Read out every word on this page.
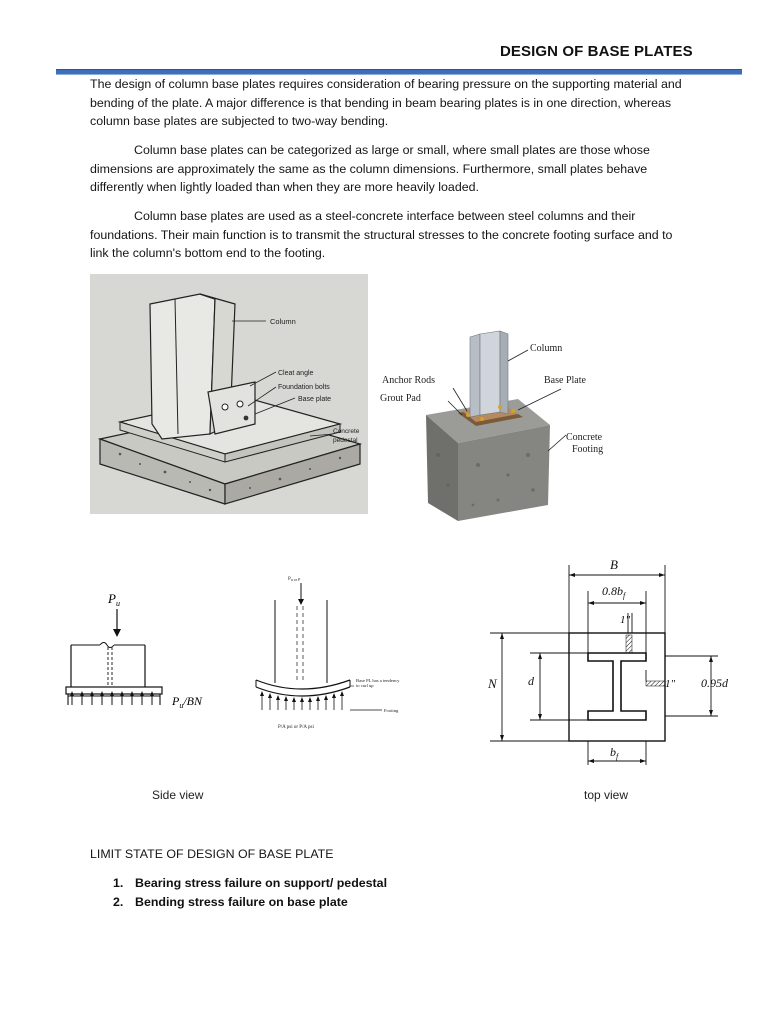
DESIGN OF BASE PLATES
The design of column base plates requires consideration of bearing pressure on the supporting material and bending of the plate. A major difference is that bending in beam bearing plates is in one direction, whereas column base plates are subjected to two-way bending.
Column base plates can be categorized as large or small, where small plates are those whose dimensions are approximately the same as the column dimensions. Furthermore, small plates behave differently when lightly loaded than when they are more heavily loaded.
Column base plates are used as a steel-concrete interface between steel columns and their foundations. Their main function is to transmit the structural stresses to the concrete footing surface and to link the column's bottom end to the footing.
Column
Cleat angle
Foundation bolts
Base plate
Concrete
pedestal
Column
Anchor Rods
Grout Pad
Base Plate
Concrete
Footing
$P_u$
$P_u/BN$
$P_{u or P}$
Base PL has a tendency
to curl up
Footing
P/A psi or P/A psi
B
$0.8b_f$
1"
N	d	1" 0.95d
$b_f$
Side view	top view
LIMIT STATE OF DESIGN OF BASE PLATE
1. Bearing stress failure on support/ pedestal
2. Bending stress failure on base plate
